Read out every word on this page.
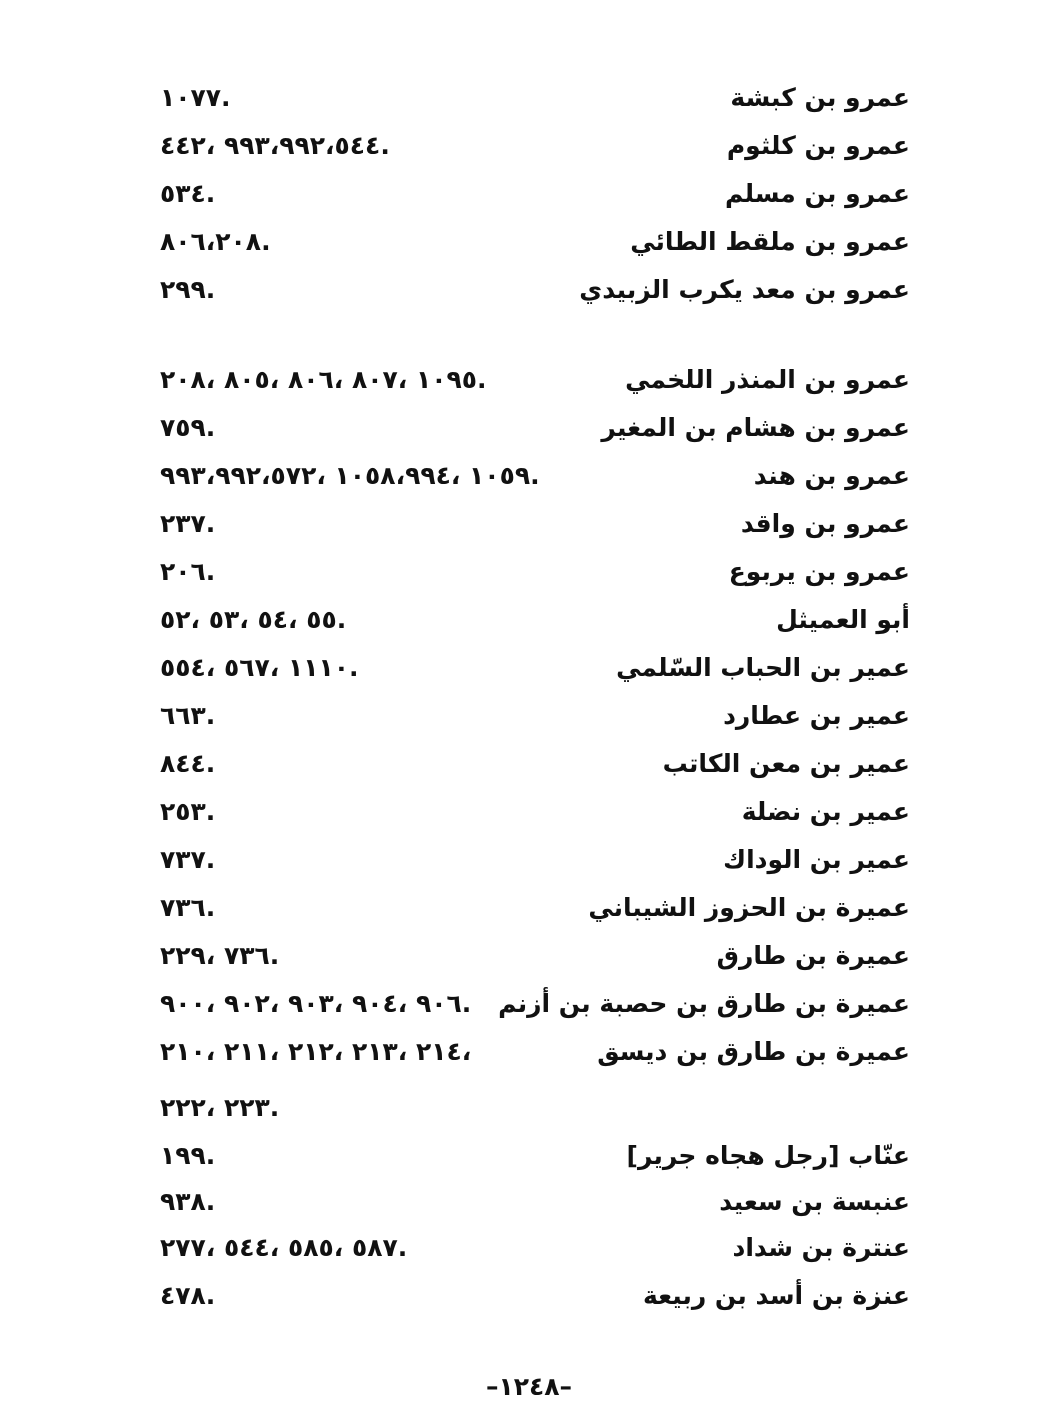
عمرو بن كبشة
.١٠٧٧
عمرو بن كلثوم
.٩٩٣،٩٩٢،٥٤٤ ،٤٤٢
عمرو بن مسلم
.٥٣٤
عمرو بن ملقط الطائي
.٨٠٦،٢٠٨
عمرو بن معد يكرب الزبيدي
.٢٩٩
عمرو بن المنذر اللخمي
.١٠٩٥ ،٨٠٧ ،٨٠٦ ،٨٠٥ ،٢٠٨
عمرو بن هشام بن المغير
.٧٥٩
عمرو بن هند
.١٠٥٩ ،١٠٥٨،٩٩٤ ،٩٩٣،٩٩٢،٥٧٢
عمرو بن واقد
.٢٣٧
عمرو بن يربوع
.٢٠٦
أبو العميثل
.٥٥ ،٥٤ ،٥٣ ،٥٢
عمير بن الحباب السّلمي
.١١١٠ ،٥٦٧ ،٥٥٤
عمير بن عطارد
.٦٦٣
عمير بن معن الكاتب
.٨٤٤
عمير بن نضلة
.٢٥٣
عمير بن الوداك
.٧٣٧
عميرة بن الحزوز الشيباني
.٧٣٦
عميرة بن طارق
.٧٣٦ ،٢٢٩
عميرة بن طارق بن حصبة بن أزنم
.٩٠٦ ،٩٠٤ ،٩٠٣ ،٩٠٢ ،٩٠٠
عميرة بن طارق بن ديسق
،٢١٤ ،٢١٣ ،٢١٢ ،٢١١ ،٢١٠
.٢٢٣ ،٢٢٢
عنّاب [رجل هجاه جرير]
.١٩٩
عنبسة بن سعيد
.٩٣٨
عنترة بن شداد
.٥٨٧ ،٥٨٥ ،٥٤٤ ،٢٧٧
عنزة بن أسد بن ربيعة
.٤٧٨
–١٢٤٨–
